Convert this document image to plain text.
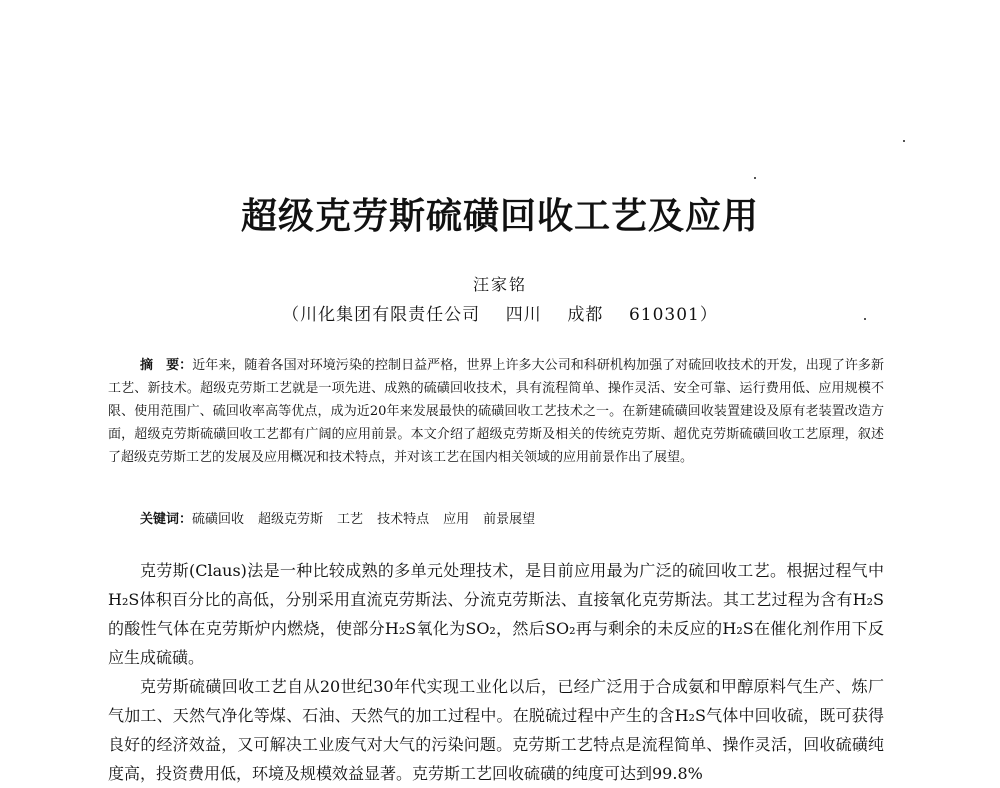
超级克劳斯硫磺回收工艺及应用
汪家铭
（川化集团有限责任公司    四川    成都    610301）
摘　要：近年来，随着各国对环境污染的控制日益严格，世界上许多大公司和科研机构加强了对硫回收技术的开发，出现了许多新工艺、新技术。超级克劳斯工艺就是一项先进、成熟的硫磺回收技术，具有流程简单、操作灵活、安全可靠、运行费用低、应用规模不限、使用范围广、硫回收率高等优点，成为近20年来发展最快的硫磺回收工艺技术之一。在新建硫磺回收装置建设及原有老装置改造方面，超级克劳斯硫磺回收工艺都有广阔的应用前景。本文介绍了超级克劳斯及相关的传统克劳斯、超优克劳斯硫磺回收工艺原理，叙述了超级克劳斯工艺的发展及应用概况和技术特点，并对该工艺在国内相关领域的应用前景作出了展望。
关键词：硫磺回收 超级克劳斯 工艺 技术特点 应用 前景展望

克劳斯(Claus)法是一种比较成熟的多单元处理技术，是目前应用最为广泛的硫回收工艺。根据过程气中H₂S体积百分比的高低，分别采用直流克劳斯法、分流克劳斯法、直接氧化克劳斯法。其工艺过程为含有H₂S的酸性气体在克劳斯炉内燃烧，使部分H₂S氧化为SO₂，然后SO₂再与剩余的未反应的H₂S在催化剂作用下反应生成硫磺。

克劳斯硫磺回收工艺自从20世纪30年代实现工业化以后，已经广泛用于合成氨和甲醇原料气生产、炼厂气加工、天然气净化等煤、石油、天然气的加工过程中。在脱硫过程中产生的含H₂S气体中回收硫，既可获得良好的经济效益，又可解决工业废气对大气的污染问题。克劳斯工艺特点是流程简单、操作灵活，回收硫磺纯度高，投资费用低，环境及规模效益显著。克劳斯工艺回收硫磺的纯度可达到99.8%
